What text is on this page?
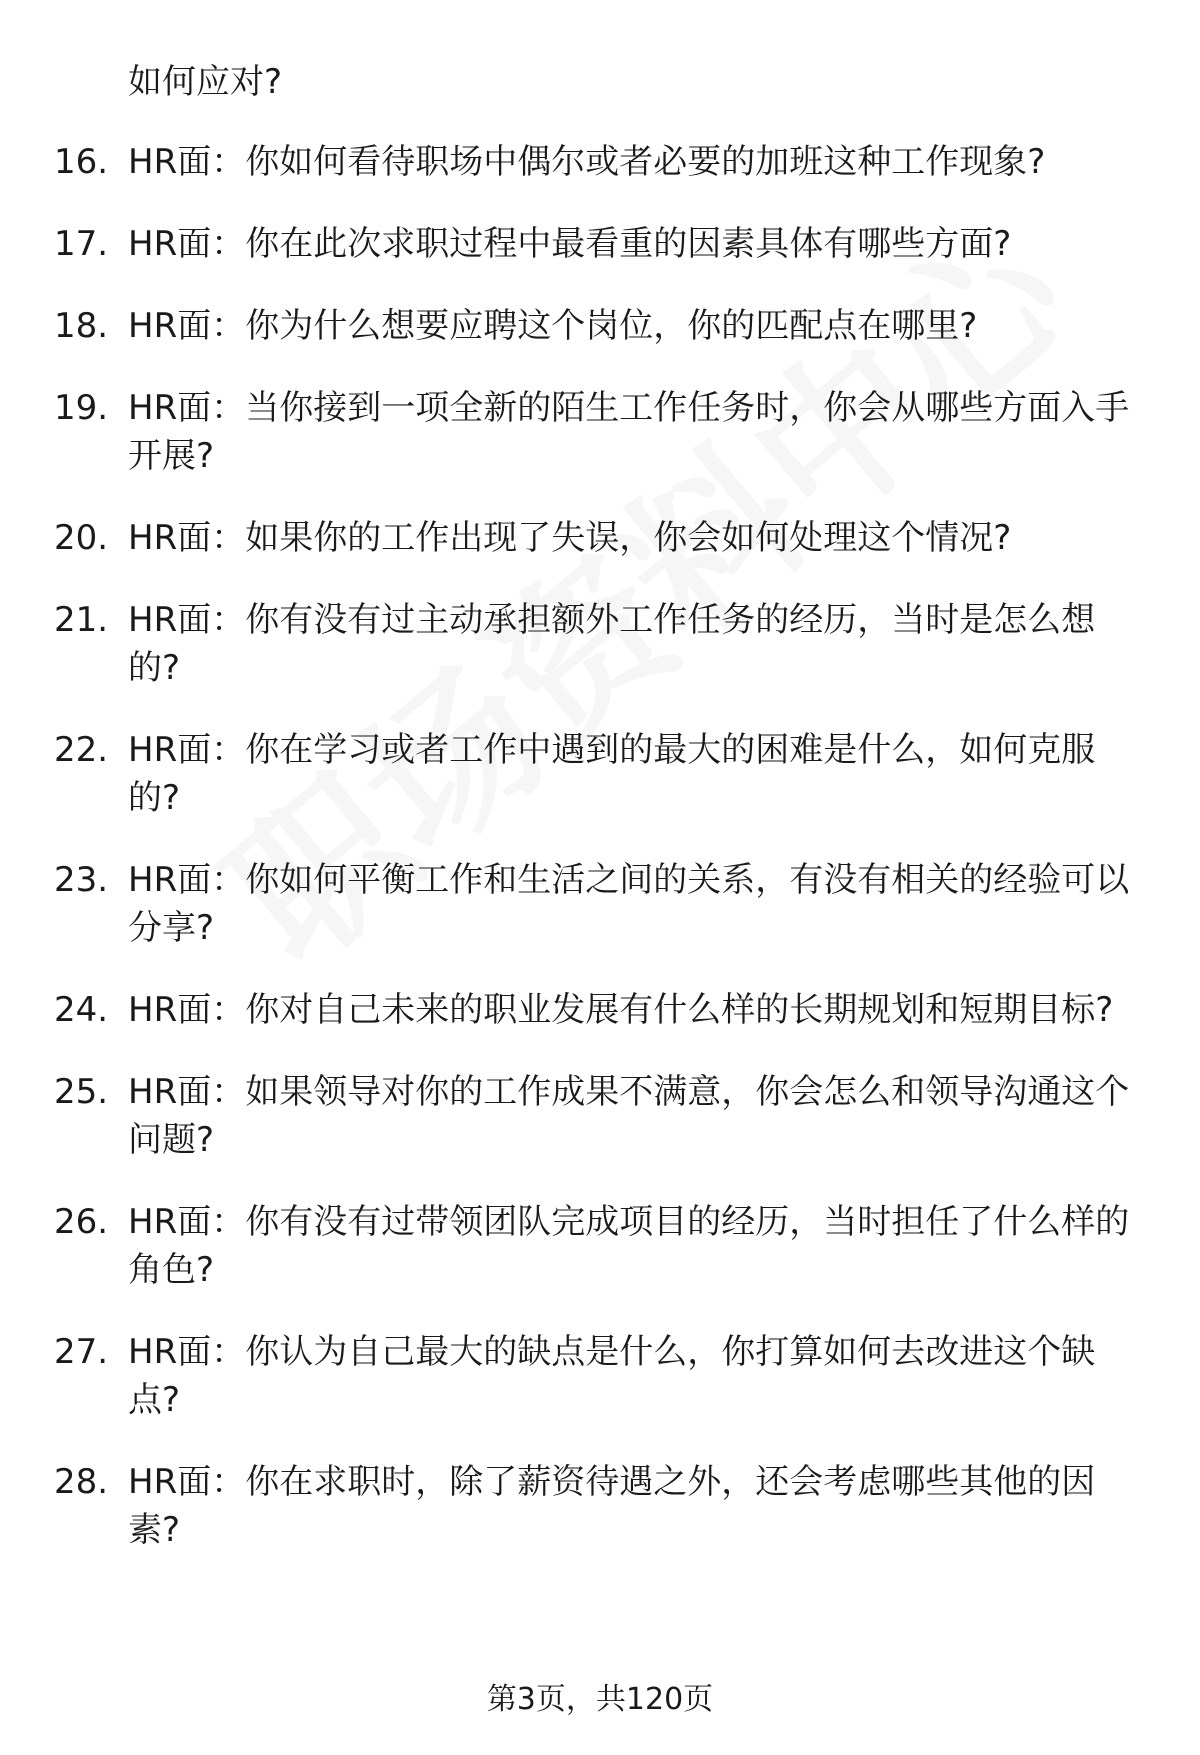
如何应对?

16. HR面：你如何看待职场中偶尔或者必要的加班这种工作现象?
17. HR面：你在此次求职过程中最看重的因素具体有哪些方面?
18. HR面：你为什么想要应聘这个岗位，你的匹配点在哪里?
19. HR面：当你接到一项全新的陌生工作任务时，你会从哪些方面入手开展?
20. HR面：如果你的工作出现了失误，你会如何处理这个情况?
21. HR面：你有没有过主动承担额外工作任务的经历，当时是怎么想的?
22. HR面：你在学习或者工作中遇到的最大的困难是什么，如何克服的?
23. HR面：你如何平衡工作和生活之间的关系，有没有相关的经验可以分享?
24. HR面：你对自己未来的职业发展有什么样的长期规划和短期目标?
25. HR面：如果领导对你的工作成果不满意，你会怎么和领导沟通这个问题?
26. HR面：你有没有过带领团队完成项目的经历，当时担任了什么样的角色?
27. HR面：你认为自己最大的缺点是什么，你打算如何去改进这个缺点?
28. HR面：你在求职时，除了薪资待遇之外，还会考虑哪些其他的因素?

第3页，共120页
